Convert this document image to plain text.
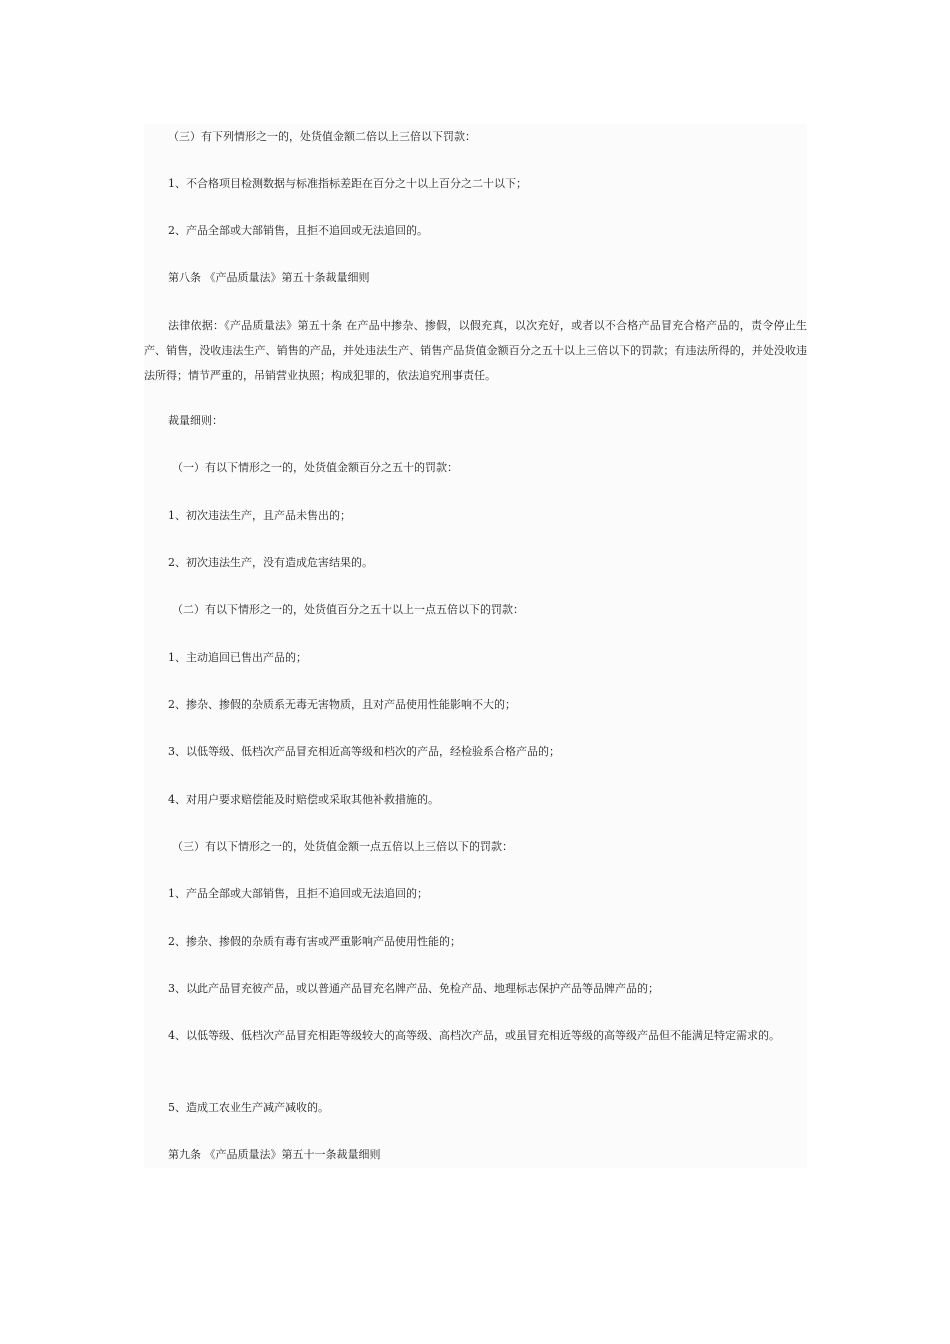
（三）有下列情形之一的，处货值金额二倍以上三倍以下罚款：

1、不合格项目检测数据与标准指标差距在百分之十以上百分之二十以下；

2、产品全部或大部销售，且拒不追回或无法追回的。

第八条 《产品质量法》第五十条裁量细则

法律依据：《产品质量法》第五十条 在产品中掺杂、掺假，以假充真，以次充好，或者以不合格产品冒充合格产品的，责令停止生产、销售，没收违法生产、销售的产品，并处违法生产、销售产品货值金额百分之五十以上三倍以下的罚款；有违法所得的，并处没收违法所得；情节严重的，吊销营业执照；构成犯罪的，依法追究刑事责任。

裁量细则：

（一）有以下情形之一的，处货值金额百分之五十的罚款：

1、初次违法生产，且产品未售出的；

2、初次违法生产，没有造成危害结果的。

（二）有以下情形之一的，处货值百分之五十以上一点五倍以下的罚款：

1、主动追回已售出产品的；

2、掺杂、掺假的杂质系无毒无害物质，且对产品使用性能影响不大的；

3、以低等级、低档次产品冒充相近高等级和档次的产品，经检验系合格产品的；

4、对用户要求赔偿能及时赔偿或采取其他补救措施的。

（三）有以下情形之一的，处货值金额一点五倍以上三倍以下的罚款：

1、产品全部或大部销售，且拒不追回或无法追回的；

2、掺杂、掺假的杂质有毒有害或严重影响产品使用性能的；

3、以此产品冒充彼产品，或以普通产品冒充名牌产品、免检产品、地理标志保护产品等品牌产品的；

4、以低等级、低档次产品冒充相距等级较大的高等级、高档次产品，或虽冒充相近等级的高等级产品但不能满足特定需求的。

5、造成工农业生产减产减收的。

第九条 《产品质量法》第五十一条裁量细则
